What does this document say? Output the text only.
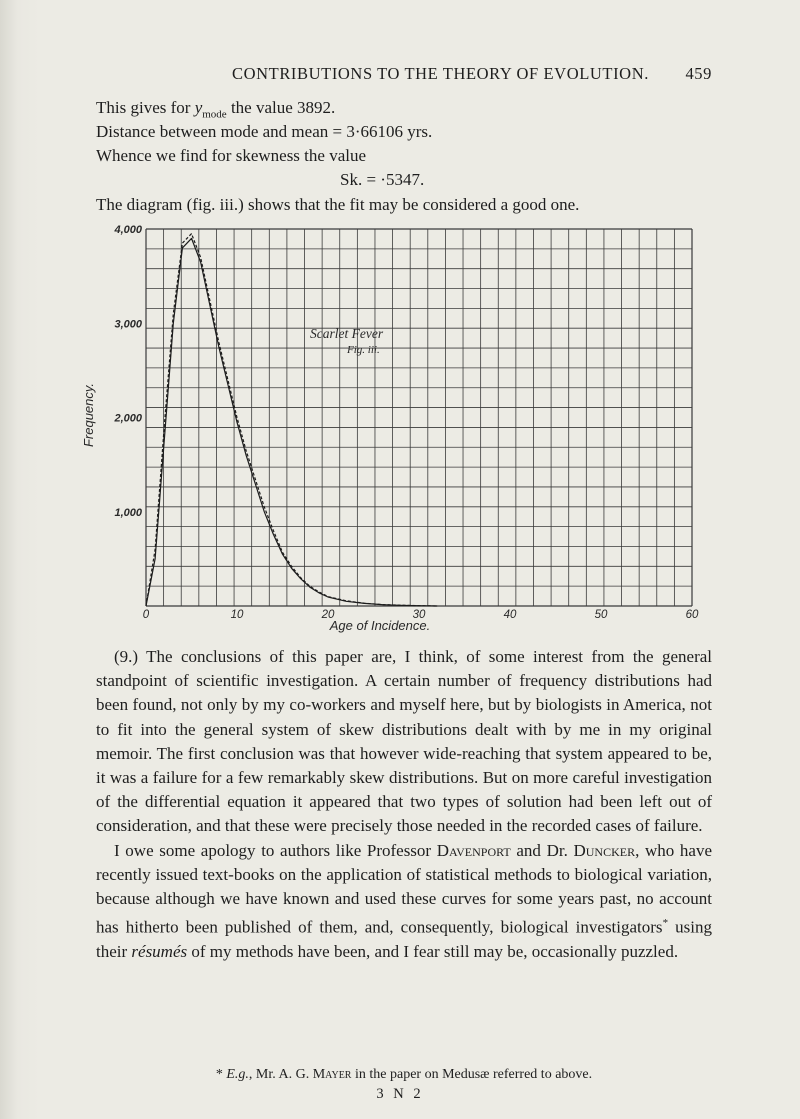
CONTRIBUTIONS TO THE THEORY OF EVOLUTION. 459
This gives for $y_{mode}$ the value 3892.
Distance between mode and mean = 3·66106 yrs.
Whence we find for skewness the value
Sk. = ·5347.
The diagram (fig. iii.) shows that the fit may be considered a good one.
0	10	20	30	40	50	60
1,000
2,000
3,000
4,000
Scarlet Fever
Fig. iii.
Frequency.
Age of Incidence.

(9.) The conclusions of this paper are, I think, of some interest from the general standpoint of scientific investigation. A certain number of frequency distributions had been found, not only by my co-workers and myself here, but by biologists in America, not to fit into the general system of skew distributions dealt with by me in my original memoir. The first conclusion was that however wide-reaching that system appeared to be, it was a failure for a few remarkably skew distributions. But on more careful investigation of the differential equation it appeared that two types of solution had been left out of consideration, and that these were precisely those needed in the recorded cases of failure.

I owe some apology to authors like Professor Davenport and Dr. Duncker, who have recently issued text-books on the application of statistical methods to biological variation, because although we have known and used these curves for some years past, no account has hitherto been published of them, and, consequently, biological investigators* using their résumés of my methods have been, and I fear still may be, occasionally puzzled.

* E.g., Mr. A. G. Mayer in the paper on Medusæ referred to above.
3 N 2
